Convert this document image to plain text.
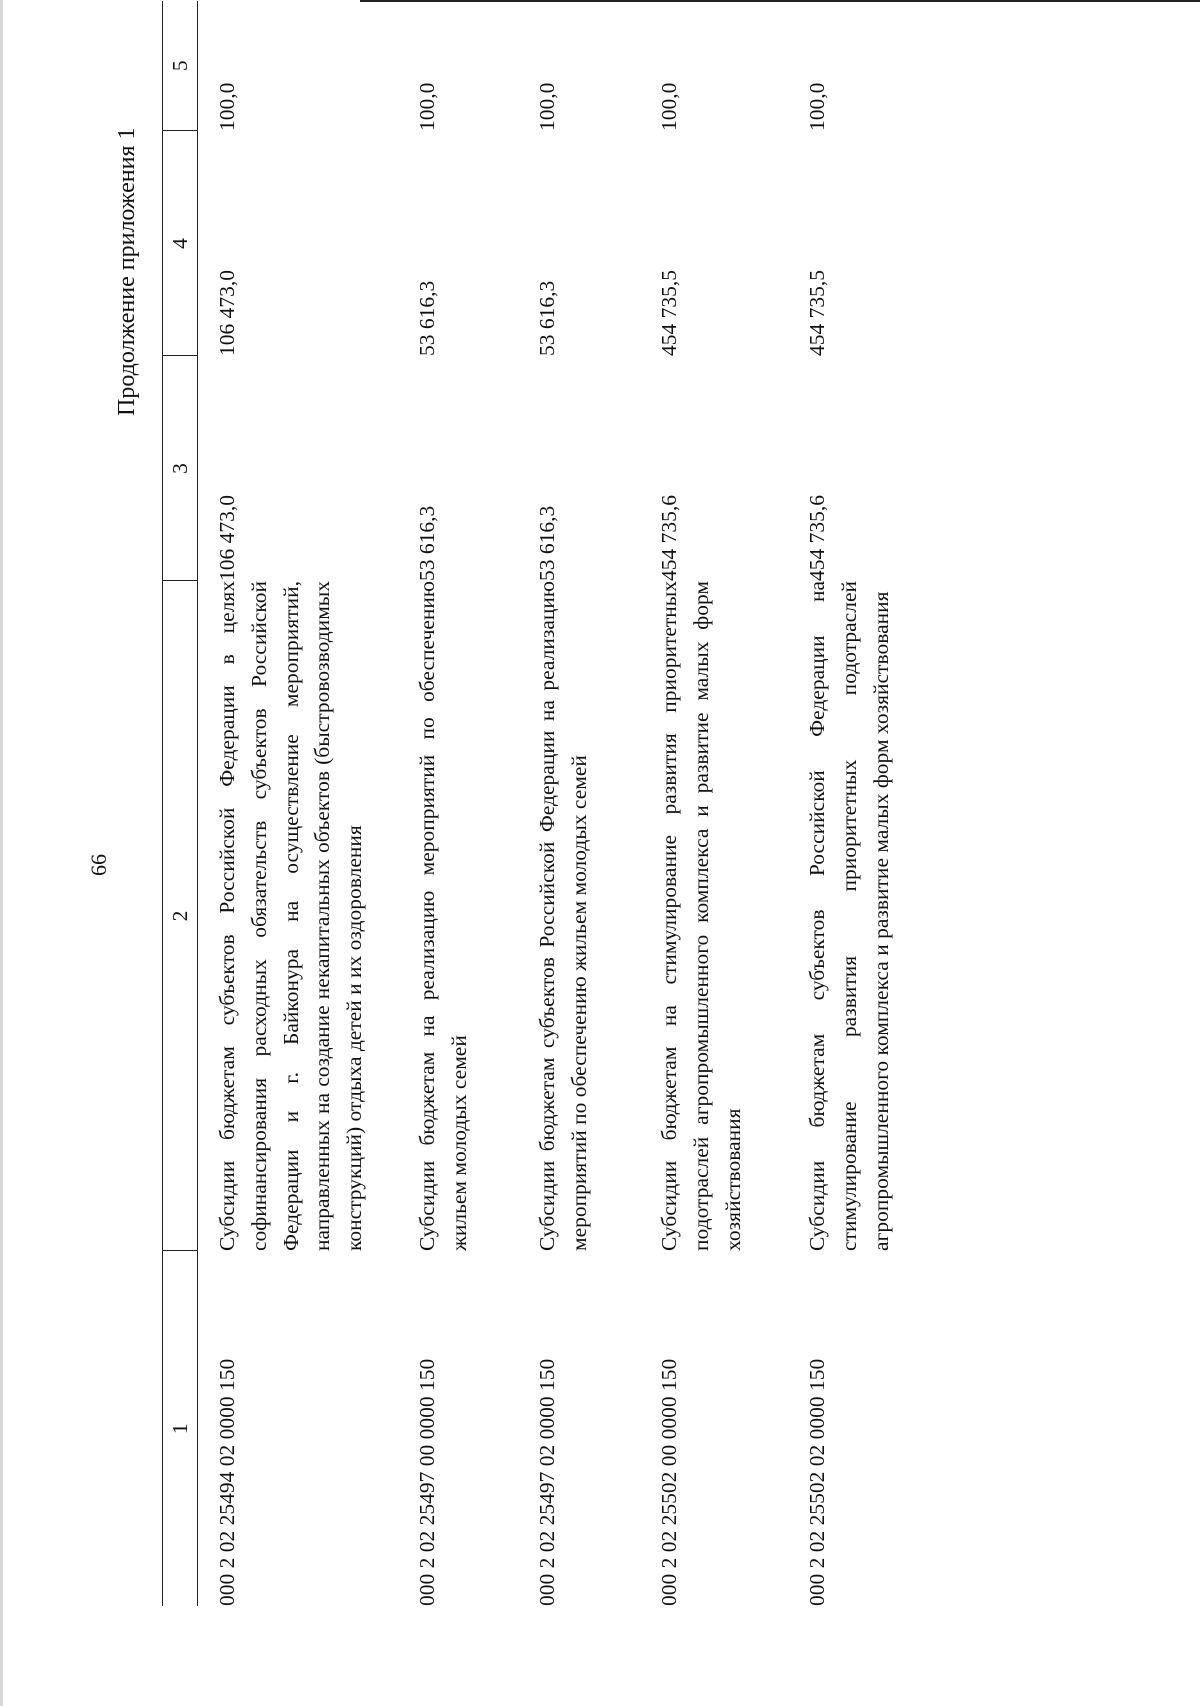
66
Продолжение приложения 1
1	2	3	4	5
000 2 02 25494 02 0000 150	Субсидии бюджетам субъектов Российской Федерации в целях софинансирования расходных обязательств субъектов Российской Федерации и г. Байконура на осуществление мероприятий, направленных на создание некапитальных объектов (быстровозводимых конструкций) отдыха детей и их оздоровления	106 473,0	106 473,0	100,0
000 2 02 25497 00 0000 150	Субсидии бюджетам на реализацию мероприятий по обеспечению жильем молодых семей	53 616,3	53 616,3	100,0
000 2 02 25497 02 0000 150	Субсидии бюджетам субъектов Российской Федерации на реализацию мероприятий по обеспечению жильем молодых семей	53 616,3	53 616,3	100,0
000 2 02 25502 00 0000 150	Субсидии бюджетам на стимулирование развития приоритетных подотраслей агропромышленного комплекса и развитие малых форм хозяйствования	454 735,6	454 735,5	100,0
000 2 02 25502 02 0000 150	Субсидии бюджетам субъектов Российской Федерации на стимулирование развития приоритетных подотраслей агропромышленного комплекса и развитие малых форм хозяйствования	454 735,6	454 735,5	100,0
